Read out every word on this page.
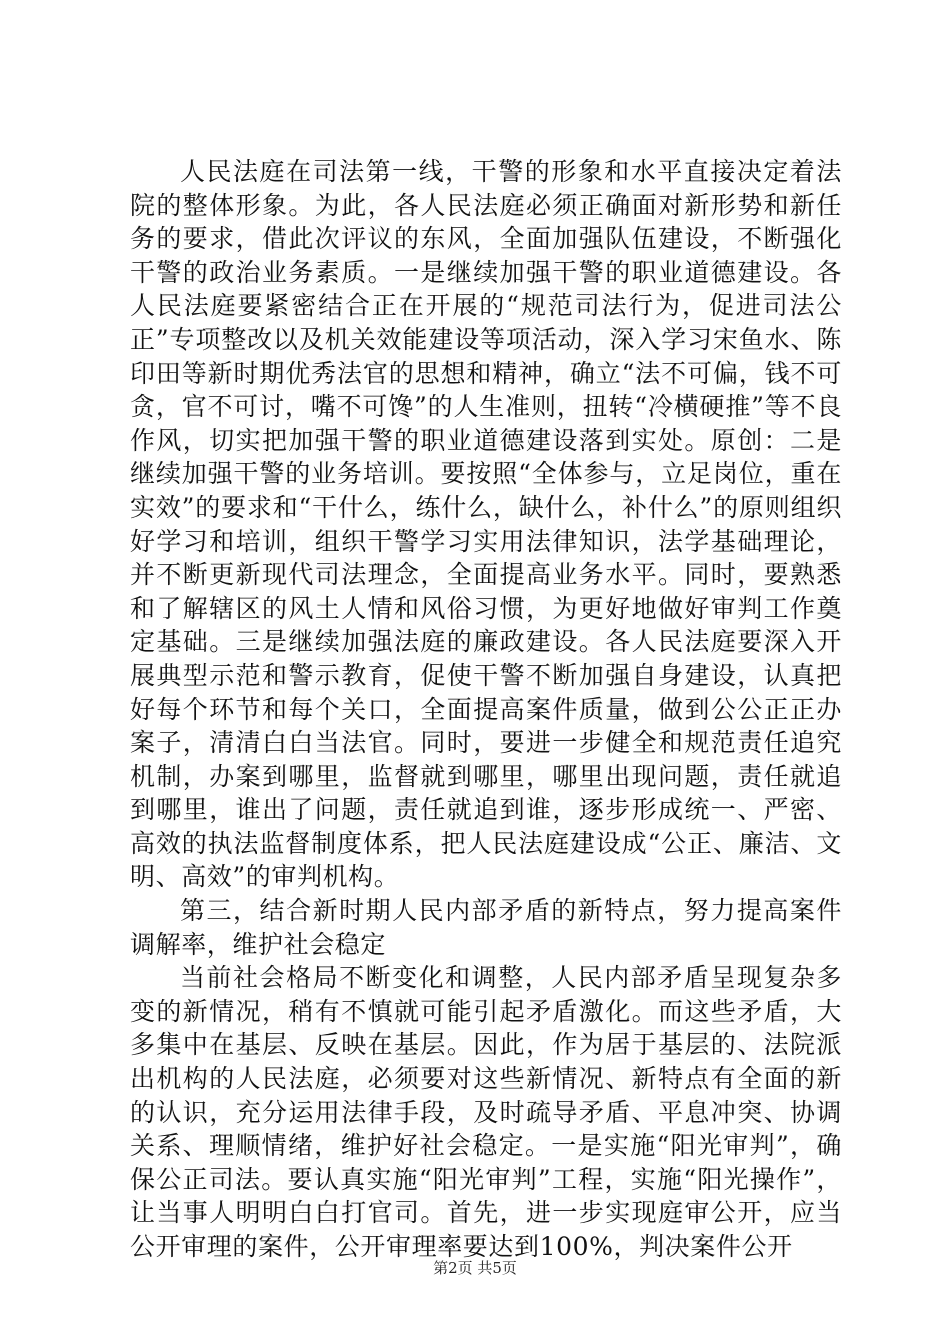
人民法庭在司法第一线，干警的形象和水平直接决定着法院的整体形象。为此，各人民法庭必须正确面对新形势和新任务的要求，借此次评议的东风，全面加强队伍建设，不断强化干警的政治业务素质。一是继续加强干警的职业道德建设。各人民法庭要紧密结合正在开展的“规范司法行为，促进司法公正”专项整改以及机关效能建设等项活动，深入学习宋鱼水、陈印田等新时期优秀法官的思想和精神，确立“法不可偏，钱不可贪，官不可讨，嘴不可馋”的人生准则，扭转“冷横硬推”等不良作风，切实把加强干警的职业道德建设落到实处。原创：二是继续加强干警的业务培训。要按照“全体参与，立足岗位，重在实效”的要求和“干什么，练什么，缺什么，补什么”的原则组织好学习和培训，组织干警学习实用法律知识，法学基础理论，并不断更新现代司法理念，全面提高业务水平。同时，要熟悉和了解辖区的风土人情和风俗习惯，为更好地做好审判工作奠定基础。三是继续加强法庭的廉政建设。各人民法庭要深入开展典型示范和警示教育，促使干警不断加强自身建设，认真把好每个环节和每个关口，全面提高案件质量，做到公公正正办案子，清清白白当法官。同时，要进一步健全和规范责任追究机制，办案到哪里，监督就到哪里，哪里出现问题，责任就追到哪里，谁出了问题，责任就追到谁，逐步形成统一、严密、高效的执法监督制度体系，把人民法庭建设成“公正、廉洁、文明、高效”的审判机构。

第三，结合新时期人民内部矛盾的新特点，努力提高案件调解率，维护社会稳定

当前社会格局不断变化和调整，人民内部矛盾呈现复杂多变的新情况，稍有不慎就可能引起矛盾激化。而这些矛盾，大多集中在基层、反映在基层。因此，作为居于基层的、法院派出机构的人民法庭，必须要对这些新情况、新特点有全面的新的认识，充分运用法律手段，及时疏导矛盾、平息冲突、协调关系、理顺情绪，维护好社会稳定。一是实施“阳光审判”，确保公正司法。要认真实施“阳光审判”工程，实施“阳光操作”，让当事人明明白白打官司。首先，进一步实现庭审公开，应当公开审理的案件，公开审理率要达到100%，判决案件公开

第2页 共5页
